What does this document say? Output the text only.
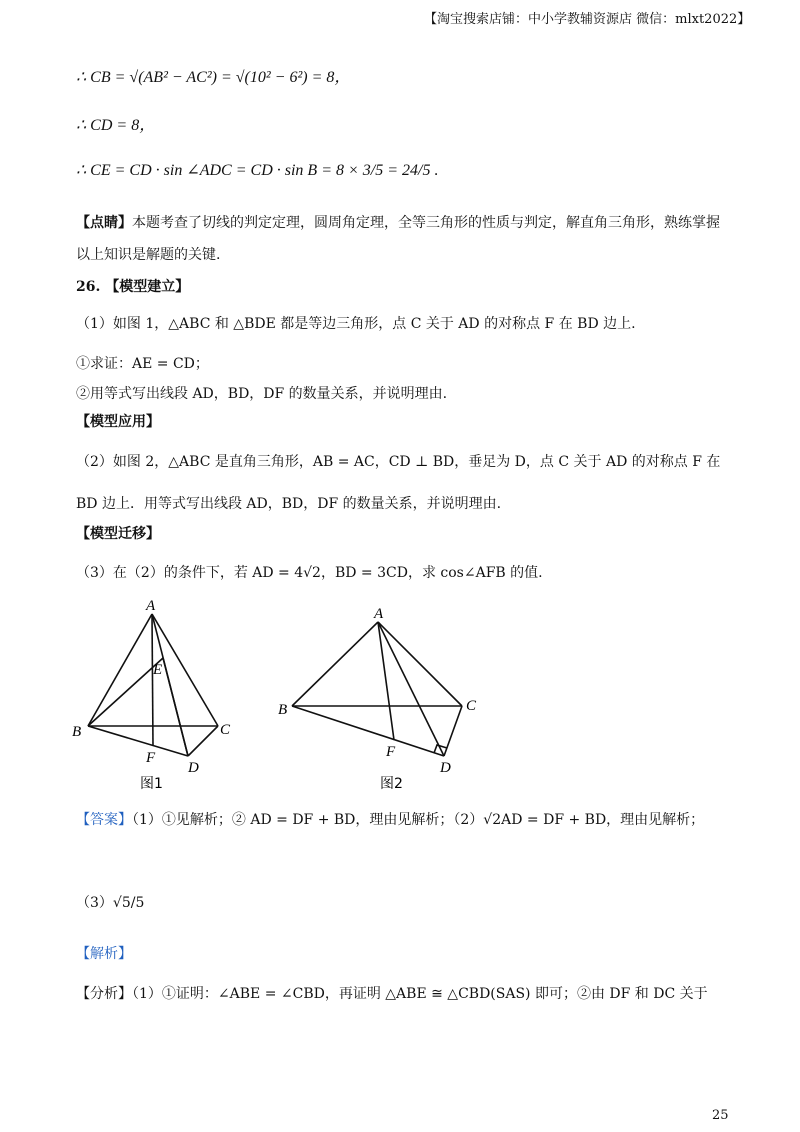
【淘宝搜索店铺：中小学教辅资源店 微信：mlxt2022】
∴ CB = √(AB² − AC²) = √(10² − 6²) = 8，
∴ CD = 8，
∴ CE = CD · sin ∠ADC = CD · sin B = 8 × 3/5 = 24/5 .
【点睛】本题考查了切线的判定定理，圆周角定理，全等三角形的性质与判定，解直角三角形，熟练掌握
以上知识是解题的关键.
26. 【模型建立】
（1）如图 1，△ABC 和 △BDE 都是等边三角形，点 C 关于 AD 的对称点 F 在 BD 边上.
①求证：AE = CD；
②用等式写出线段 AD，BD，DF 的数量关系，并说明理由.
【模型应用】
（2）如图 2，△ABC 是直角三角形，AB = AC，CD ⊥ BD，垂足为 D，点 C 关于 AD 的对称点 F 在
BD 边上．用等式写出线段 AD，BD，DF 的数量关系，并说明理由.
【模型迁移】
（3）在（2）的条件下，若 AD = 4√2，BD = 3CD，求 cos∠AFB 的值.
A
E
B	C
F
D
图1
A
B	C
F
D
图2
【答案】（1）①见解析；② AD = DF + BD，理由见解析；（2）√2AD = DF + BD，理由见解析；
（3）√5/5
【解析】
【分析】（1）①证明：∠ABE = ∠CBD，再证明 △ABE ≅ △CBD(SAS) 即可；②由 DF 和 DC 关于
25
